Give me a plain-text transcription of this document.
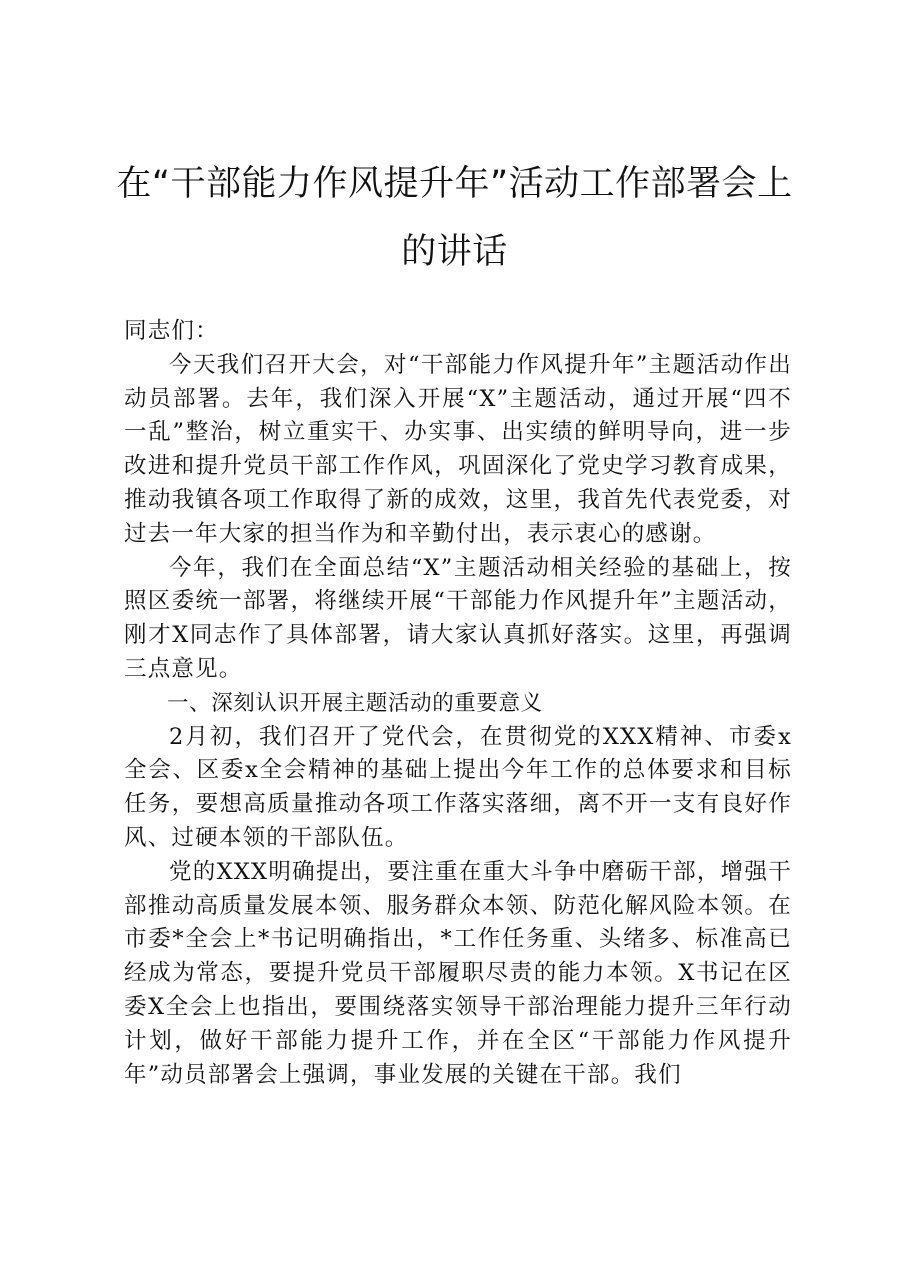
在“干部能力作风提升年”活动工作部署会上
的讲话

同志们：

今天我们召开大会，对“干部能力作风提升年”主题活动作出动员部署。去年，我们深入开展“X”主题活动，通过开展“四不一乱”整治，树立重实干、办实事、出实绩的鲜明导向，进一步改进和提升党员干部工作作风，巩固深化了党史学习教育成果，推动我镇各项工作取得了新的成效，这里，我首先代表党委，对过去一年大家的担当作为和辛勤付出，表示衷心的感谢。

今年，我们在全面总结“X”主题活动相关经验的基础上，按照区委统一部署，将继续开展“干部能力作风提升年”主题活动，刚才X同志作了具体部署，请大家认真抓好落实。这里，再强调三点意见。

一、深刻认识开展主题活动的重要意义

2月初，我们召开了党代会，在贯彻党的XXX精神、市委x全会、区委x全会精神的基础上提出今年工作的总体要求和目标任务，要想高质量推动各项工作落实落细，离不开一支有良好作风、过硬本领的干部队伍。

党的XXX明确提出，要注重在重大斗争中磨砺干部，增强干部推动高质量发展本领、服务群众本领、防范化解风险本领。在市委*全会上*书记明确指出，*工作任务重、头绪多、标准高已经成为常态，要提升党员干部履职尽责的能力本领。X书记在区委X全会上也指出，要围绕落实领导干部治理能力提升三年行动计划，做好干部能力提升工作，并在全区“干部能力作风提升年”动员部署会上强调，事业发展的关键在干部。我们
